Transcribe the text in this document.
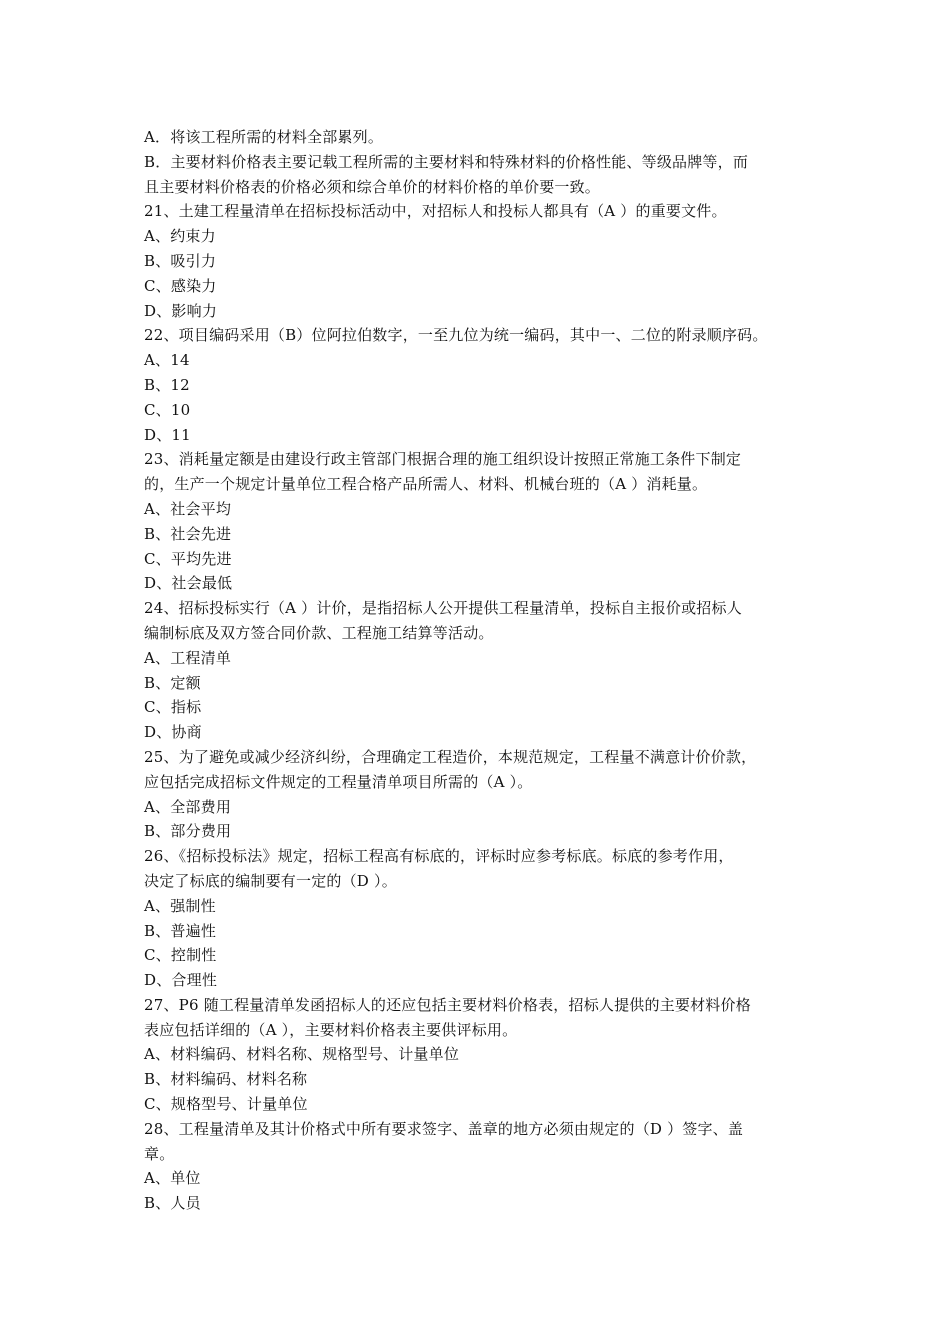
A．将该工程所需的材料全部累列。
B．主要材料价格表主要记载工程所需的主要材料和特殊材料的价格性能、等级品牌等，而
且主要材料价格表的价格必须和综合单价的材料价格的单价要一致。
21、土建工程量清单在招标投标活动中，对招标人和投标人都具有（A ）的重要文件。
A、约束力
B、吸引力
C、感染力
D、影响力
22、项目编码采用（B）位阿拉伯数字，一至九位为统一编码，其中一、二位的附录顺序码。
A、14
B、12
C、10
D、11
23、消耗量定额是由建设行政主管部门根据合理的施工组织设计按照正常施工条件下制定
的，生产一个规定计量单位工程合格产品所需人、材料、机械台班的（A ）消耗量。
A、社会平均
B、社会先进
C、平均先进
D、社会最低
24、招标投标实行（A ）计价，是指招标人公开提供工程量清单，投标自主报价或招标人
编制标底及双方签合同价款、工程施工结算等活动。
A、工程清单
B、定额
C、指标
D、协商
25、为了避免或减少经济纠纷，合理确定工程造价，本规范规定，工程量不满意计价价款，
应包括完成招标文件规定的工程量清单项目所需的（A ）。
A、全部费用
B、部分费用
26、《招标投标法》规定，招标工程高有标底的，评标时应参考标底。标底的参考作用，
决定了标底的编制要有一定的（D ）。
A、强制性
B、普遍性
C、控制性
D、合理性
27、P6 随工程量清单发函招标人的还应包括主要材料价格表，招标人提供的主要材料价格
表应包括详细的（A ），主要材料价格表主要供评标用。
A、材料编码、材料名称、规格型号、计量单位
B、材料编码、材料名称
C、规格型号、计量单位
28、工程量清单及其计价格式中所有要求签字、盖章的地方必须由规定的（D ）签字、盖
章。
A、单位
B、人员
